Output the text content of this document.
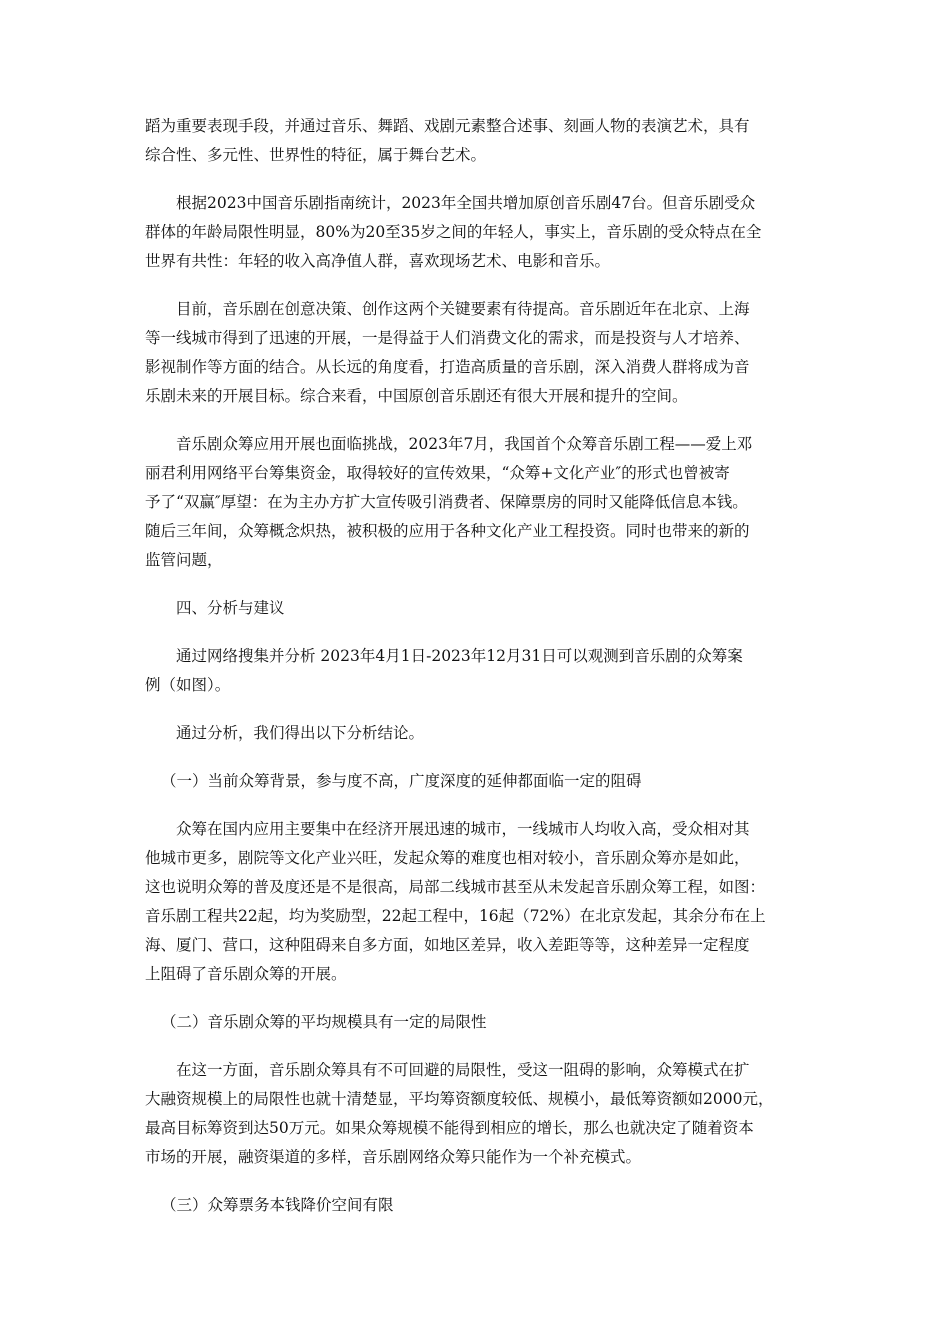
蹈为重要表现手段，并通过音乐、舞蹈、戏剧元素整合述事、刻画人物的表演艺术，具有
综合性、多元性、世界性的特征，属于舞台艺术。
根据2023中国音乐剧指南统计，2023年全国共增加原创音乐剧47台。但音乐剧受众
群体的年龄局限性明显，80%为20至35岁之间的年轻人，事实上，音乐剧的受众特点在全
世界有共性：年轻的收入高净值人群，喜欢现场艺术、电影和音乐。
目前，音乐剧在创意决策、创作这两个关键要素有待提高。音乐剧近年在北京、上海
等一线城市得到了迅速的开展，一是得益于人们消费文化的需求，而是投资与人才培养、
影视制作等方面的结合。从长远的角度看，打造高质量的音乐剧，深入消费人群将成为音
乐剧未来的开展目标。综合来看，中国原创音乐剧还有很大开展和提升的空间。
音乐剧众筹应用开展也面临挑战，2023年7月，我国首个众筹音乐剧工程——爱上邓
丽君利用网络平台筹集资金，取得较好的宣传效果，“众筹+文化产业″的形式也曾被寄
予了“双赢″厚望：在为主办方扩大宣传吸引消费者、保障票房的同时又能降低信息本钱。
随后三年间，众筹概念炽热，被积极的应用于各种文化产业工程投资。同时也带来的新的
监管问题，
四、分析与建议
通过网络搜集并分析 2023年4月1日-2023年12月31日可以观测到音乐剧的众筹案
例（如图）。
通过分析，我们得出以下分析结论。
（一）当前众筹背景，参与度不高，广度深度的延伸都面临一定的阻碍
众筹在国内应用主要集中在经济开展迅速的城市，一线城市人均收入高，受众相对其
他城市更多，剧院等文化产业兴旺，发起众筹的难度也相对较小，音乐剧众筹亦是如此，
这也说明众筹的普及度还是不是很高，局部二线城市甚至从未发起音乐剧众筹工程，如图：
音乐剧工程共22起，均为奖励型，22起工程中，16起（72%）在北京发起，其余分布在上
海、厦门、营口，这种阻碍来自多方面，如地区差异，收入差距等等，这种差异一定程度
上阻碍了音乐剧众筹的开展。
（二）音乐剧众筹的平均规模具有一定的局限性
在这一方面，音乐剧众筹具有不可回避的局限性，受这一阻碍的影响，众筹模式在扩
大融资规模上的局限性也就十清楚显，平均筹资额度较低、规模小，最低筹资额如2000元，
最高目标筹资到达50万元。如果众筹规模不能得到相应的增长，那么也就决定了随着资本
市场的开展，融资渠道的多样，音乐剧网络众筹只能作为一个补充模式。
（三）众筹票务本钱降价空间有限
